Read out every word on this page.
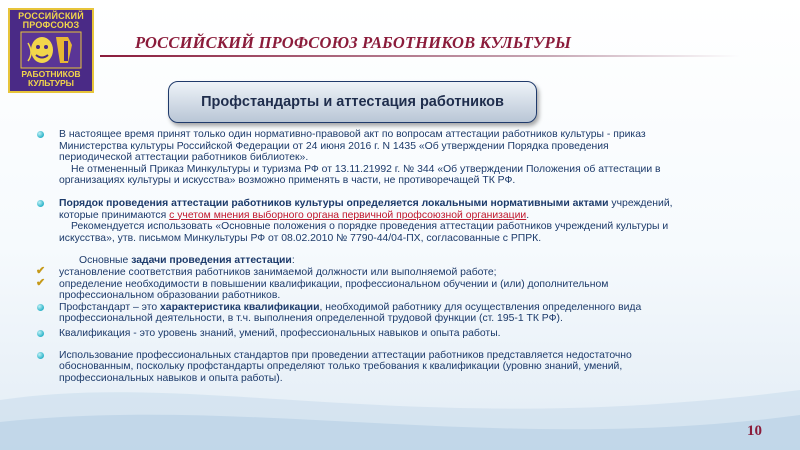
РОССИЙСКИЙ
ПРОФСОЮЗ
РАБОТНИКОВ
КУЛЬТУРЫ
РОССИЙСКИЙ ПРОФСОЮЗ РАБОТНИКОВ КУЛЬТУРЫ
Профстандарты и аттестация работников
В настоящее время принят только один нормативно-правовой акт по вопросам аттестации работников культуры - приказ
Министерства культуры Российской Федерации от 24 июня 2016 г. N 1435 «Об утверждении Порядка проведения
периодической аттестации работников библиотек».
Не отмененный Приказ Минкультуры и туризма РФ от 13.11.21992 г. № 344 «Об утверждении Положения об аттестации в
организациях культуры и искусства» возможно применять в части, не противоречащей ТК РФ.
Порядок проведения аттестации работников культуры определяется локальными нормативными актами учреждений,
которые принимаются с учетом мнения выборного органа первичной профсоюзной организации.
Рекомендуется использовать «Основные положения о порядке проведения аттестации работников учреждений культуры и
искусства», утв. письмом Минкультуры РФ от 08.02.2010 № 7790-44/04-ПХ, согласованные с РПРК.
Основные задачи проведения аттестации:
✔ установление соответствия работников занимаемой должности или выполняемой работе;
✔ определение необходимости в повышении квалификации, профессиональном обучении и (или) дополнительном
профессиональном образовании работников.
Профстандарт – это характеристика квалификации, необходимой работнику для осуществления определенного вида
профессиональной деятельности, в т.ч. выполнения определенной трудовой функции (ст. 195-1 ТК РФ).
Квалификация - это уровень знаний, умений, профессиональных навыков и опыта работы.
Использование профессиональных стандартов при проведении аттестации работников представляется недостаточно
обоснованным, поскольку профстандарты определяют только требования к квалификации (уровню знаний, умений,
профессиональных навыков и опыта работы).
10
